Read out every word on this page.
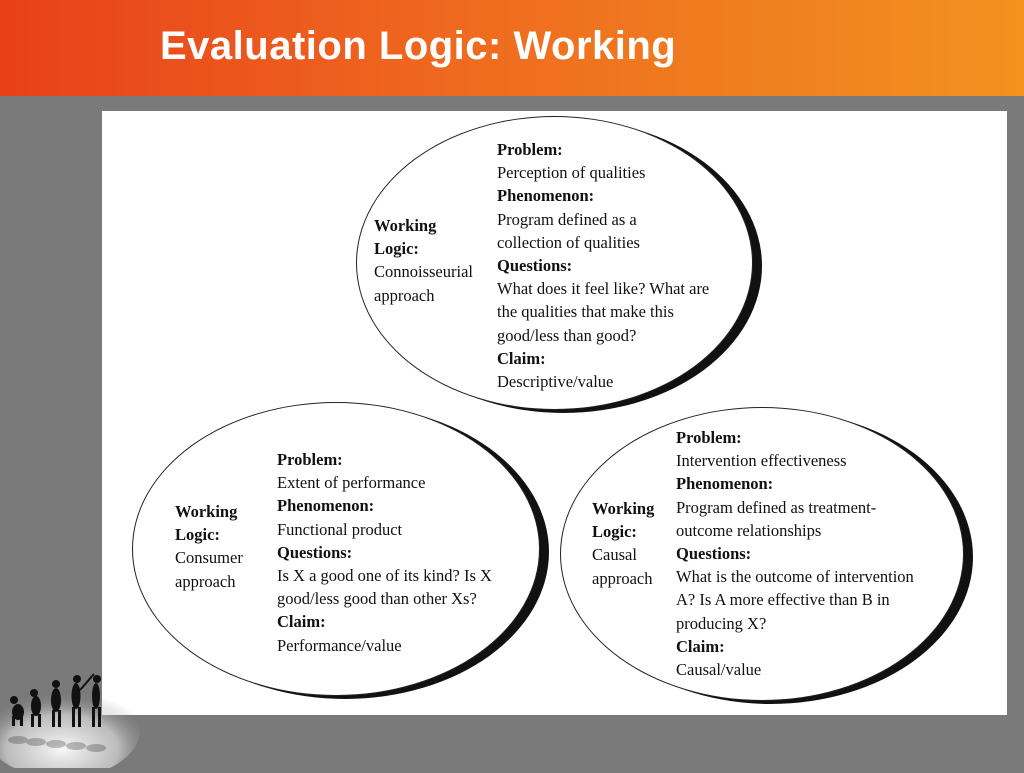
Evaluation Logic: Working
Working
Logic:
Connoisseurial
approach
Problem:
Perception of qualities
Phenomenon:
Program defined as a
collection of qualities
Questions:
What does it feel like? What are
the qualities that make this
good/less than good?
Claim:
Descriptive/value
Working
Logic:
Consumer
approach
Problem:
Extent of performance
Phenomenon:
Functional product
Questions:
Is X a good one of its kind? Is X
good/less good than other Xs?
Claim:
Performance/value
Working
Logic:
Causal
approach
Problem:
Intervention effectiveness
Phenomenon:
Program defined as treatment-
outcome relationships
Questions:
What is the outcome of intervention
A? Is A more effective than B in
producing X?
Claim:
Causal/value
